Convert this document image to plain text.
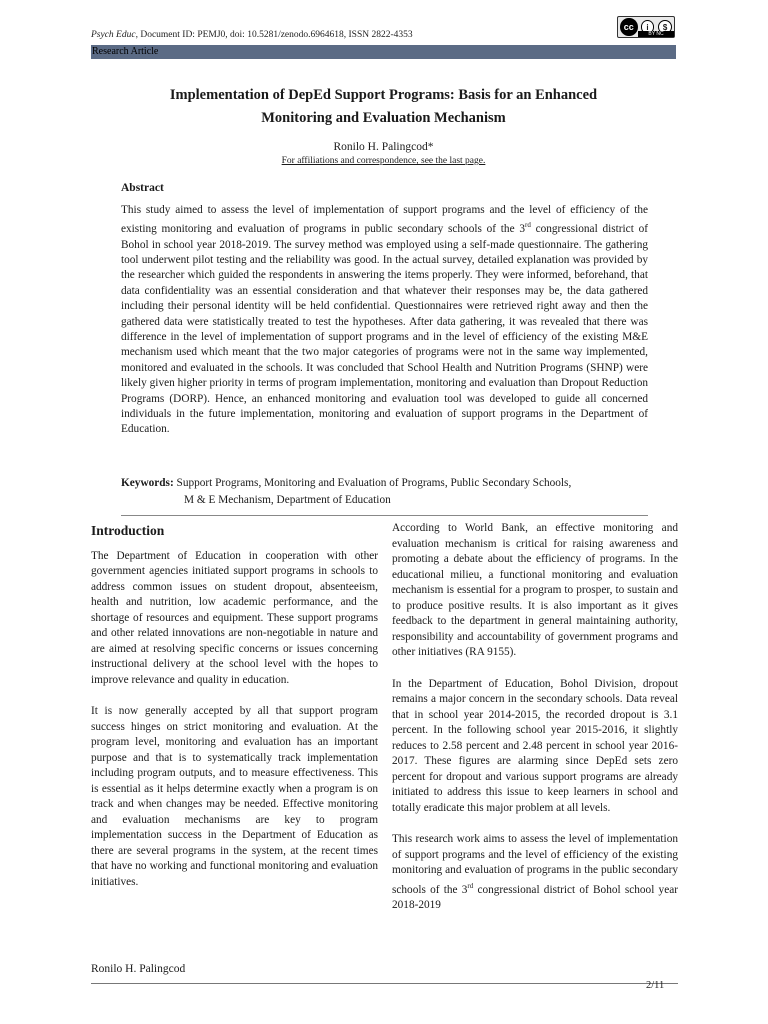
Psych Educ, Document ID: PEMJ0, doi: 10.5281/zenodo.6964618, ISSN 2822-4353
cc	i	$
BY NC
Research Article
Implementation of DepEd Support Programs: Basis for an Enhanced
Monitoring and Evaluation Mechanism
Ronilo H. Palingcod*
For affiliations and correspondence, see the last page.
Abstract
This study aimed to assess the level of implementation of support programs and the level of efficiency of the existing monitoring and evaluation of programs in public secondary schools of the 3rd congressional district of Bohol in school year 2018-2019. The survey method was employed using a self-made questionnaire. The gathering tool underwent pilot testing and the reliability was good. In the actual survey, detailed explanation was provided by the researcher which guided the respondents in answering the items properly. They were informed, beforehand, that data confidentiality was an essential consideration and that whatever their responses may be, the data gathered including their personal identity will be held confidential. Questionnaires were retrieved right away and then the gathered data were statistically treated to test the hypotheses. After data gathering, it was revealed that there was difference in the level of implementation of support programs and in the level of efficiency of the existing M&E mechanism used which meant that the two major categories of programs were not in the same way implemented, monitored and evaluated in the schools. It was concluded that School Health and Nutrition Programs (SHNP) were likely given higher priority in terms of program implementation, monitoring and evaluation than Dropout Reduction Programs (DORP). Hence, an enhanced monitoring and evaluation tool was developed to guide all concerned individuals in the future implementation, monitoring and evaluation of support programs in the Department of Education.
Keywords: Support Programs, Monitoring and Evaluation of Programs, Public Secondary Schools,
M & E Mechanism, Department of Education
Introduction

The Department of Education in cooperation with other government agencies initiated support programs in schools to address common issues on student dropout, absenteeism, health and nutrition, low academic performance, and the shortage of resources and equipment. These support programs and other related innovations are non-negotiable in nature and are aimed at resolving specific concerns or issues concerning instructional delivery at the school level with the hopes to improve relevance and quality in education.

It is now generally accepted by all that support program success hinges on strict monitoring and evaluation. At the program level, monitoring and evaluation has an important purpose and that is to systematically track implementation including program outputs, and to measure effectiveness. This is essential as it helps determine exactly when a program is on track and when changes may be needed. Effective monitoring and evaluation mechanisms are key to program implementation success in the Department of Education as there are several programs in the system, at the recent times that have no working and functional monitoring and evaluation initiatives.

According to World Bank, an effective monitoring and evaluation mechanism is critical for raising awareness and promoting a debate about the efficiency of programs. In the educational milieu, a functional monitoring and evaluation mechanism is essential for a program to prosper, to sustain and to produce positive results. It is also important as it gives feedback to the department in general maintaining authority, responsibility and accountability of government programs and other initiatives (RA 9155).

In the Department of Education, Bohol Division, dropout remains a major concern in the secondary schools. Data reveal that in school year 2014-2015, the recorded dropout is 3.1 percent. In the following school year 2015-2016, it slightly reduces to 2.58 percent and 2.48 percent in school year 2016-2017. These figures are alarming since DepEd sets zero percent for dropout and various support programs are already initiated to address this issue to keep learners in school and totally eradicate this major problem at all levels.

This research work aims to assess the level of implementation of support programs and the level of efficiency of the existing monitoring and evaluation of programs in the public secondary schools of the 3rd congressional district of Bohol school year 2018-2019

Ronilo H. Palingcod
2/11
